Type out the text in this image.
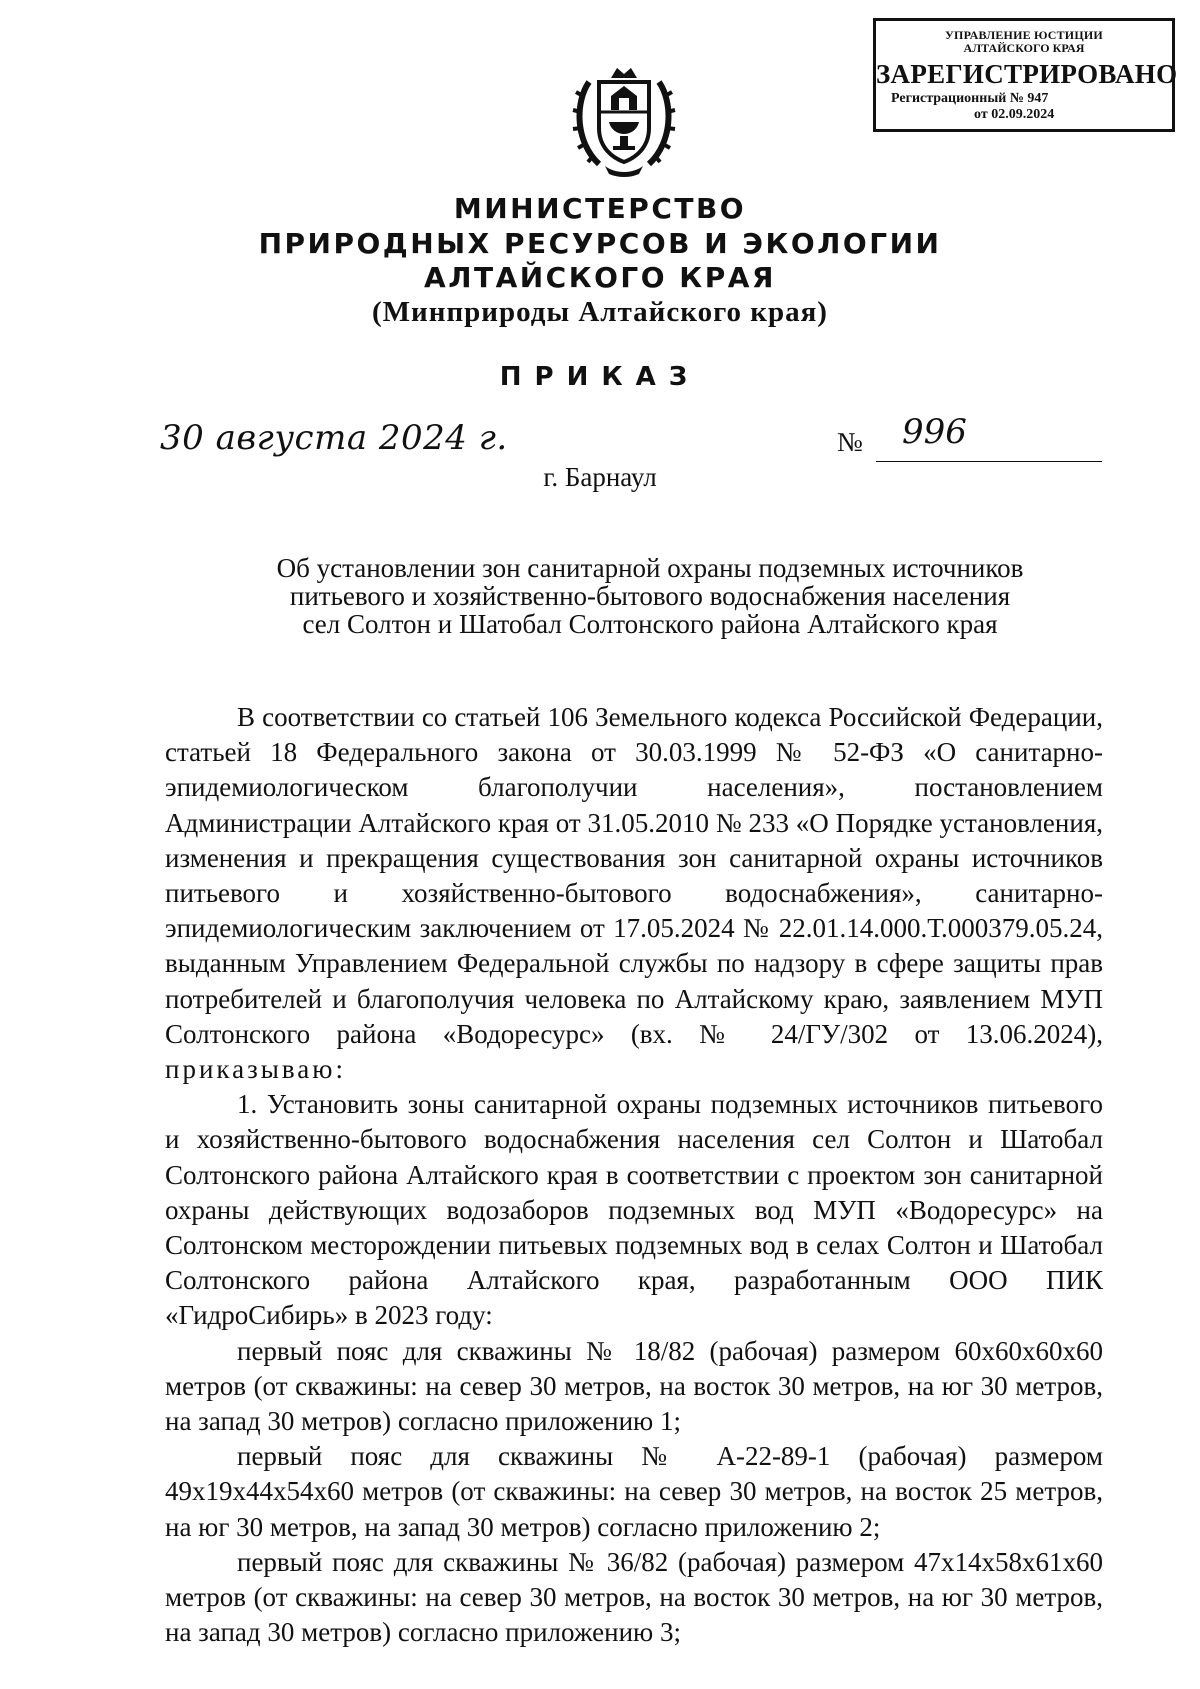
УПРАВЛЕНИЕ ЮСТИЦИИ
АЛТАЙСКОГО КРАЯ
ЗАРЕГИСТРИРОВАНО
Регистрационный № 947
от 02.09.2024
МИНИСТЕРСТВО
ПРИРОДНЫХ РЕСУРСОВ И ЭКОЛОГИИ
АЛТАЙСКОГО КРАЯ
(Минприроды Алтайского края)
ПРИКАЗ
30 августа 2024 г.	№ 996
г. Барнаул
Об установлении зон санитарной охраны подземных источников
питьевого и хозяйственно-бытового водоснабжения населения
сел Солтон и Шатобал Солтонского района Алтайского края

В соответствии со статьей 106 Земельного кодекса Российской Федерации, статьей 18 Федерального закона от 30.03.1999 № 52-ФЗ «О санитарно-эпидемиологическом благополучии населения», постановлением Администрации Алтайского края от 31.05.2010 № 233 «О Порядке установления, изменения и прекращения существования зон санитарной охраны источников питьевого и хозяйственно-бытового водоснабжения», санитарно-эпидемиологическим заключением от 17.05.2024 № 22.01.14.000.Т.000379.05.24, выданным Управлением Федеральной службы по надзору в сфере защиты прав потребителей и благополучия человека по Алтайскому краю, заявлением МУП Солтонского района «Водоресурс» (вх. № 24/ГУ/302 от 13.06.2024), приказываю:

1. Установить зоны санитарной охраны подземных источников питьевого и хозяйственно-бытового водоснабжения населения сел Солтон и Шатобал Солтонского района Алтайского края в соответствии с проектом зон санитарной охраны действующих водозаборов подземных вод МУП «Водоресурс» на Солтонском месторождении питьевых подземных вод в селах Солтон и Шатобал Солтонского района Алтайского края, разработанным ООО ПИК «ГидроСибирь» в 2023 году:

первый пояс для скважины № 18/82 (рабочая) размером 60х60х60х60 метров (от скважины: на север 30 метров, на восток 30 метров, на юг 30 метров, на запад 30 метров) согласно приложению 1;

первый пояс для скважины № А-22-89-1 (рабочая) размером 49х19х44х54х60 метров (от скважины: на север 30 метров, на восток 25 метров, на юг 30 метров, на запад 30 метров) согласно приложению 2;

первый пояс для скважины № 36/82 (рабочая) размером 47х14х58х61х60 метров (от скважины: на север 30 метров, на восток 30 метров, на юг 30 метров, на запад 30 метров) согласно приложению 3;
